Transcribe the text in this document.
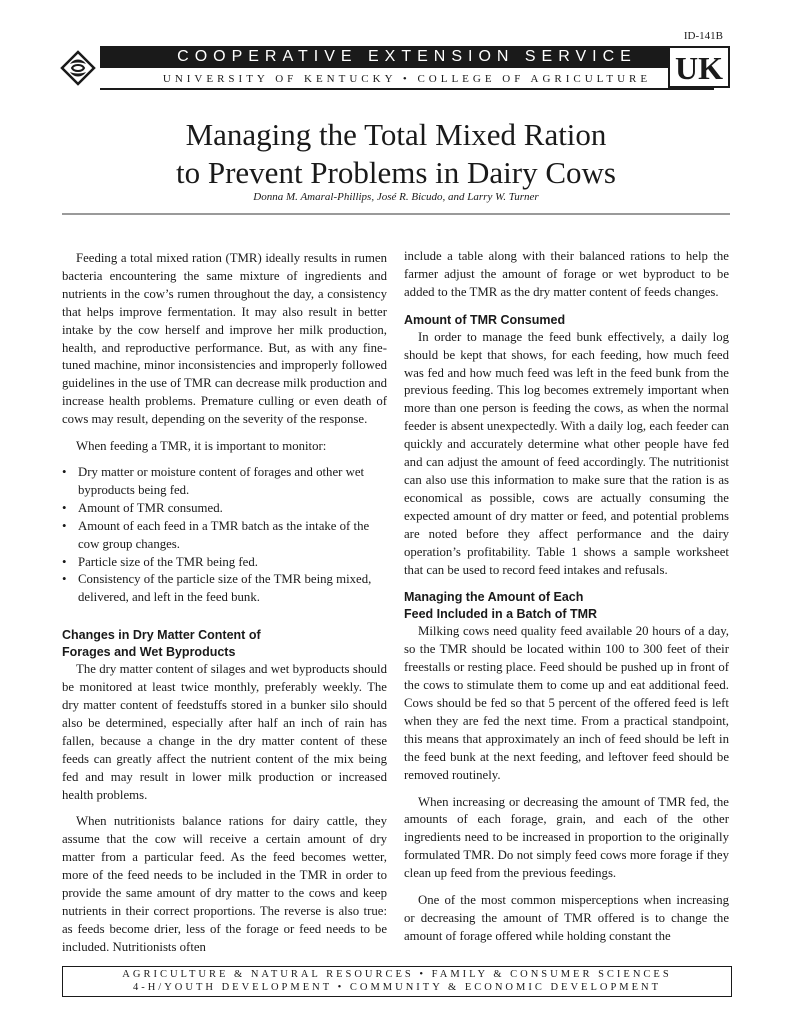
ID-141B
COOPERATIVE EXTENSION SERVICE
UNIVERSITY OF KENTUCKY • COLLEGE OF AGRICULTURE UK
Managing the Total Mixed Ration
to Prevent Problems in Dairy Cows
Donna M. Amaral-Phillips, José R. Bicudo, and Larry W. Turner

Feeding a total mixed ration (TMR) ideally results in rumen bacteria encountering the same mixture of ingredients and nutrients in the cow’s rumen throughout the day, a consistency that helps improve fermentation. It may also result in better intake by the cow herself and improve her milk production, health, and reproductive performance. But, as with any fine-tuned machine, minor inconsistencies and improperly followed guidelines in the use of TMR can decrease milk production and increase health problems. Premature culling or even death of cows may result, depending on the severity of the response.

When feeding a TMR, it is important to monitor:

• Dry matter or moisture content of forages and other wet byproducts being fed.
• Amount of TMR consumed.
• Amount of each feed in a TMR batch as the intake of the cow group changes.
• Particle size of the TMR being fed.
• Consistency of the particle size of the TMR being mixed, delivered, and left in the feed bunk.
Changes in Dry Matter Content of
Forages and Wet Byproducts

The dry matter content of silages and wet byproducts should be monitored at least twice monthly, preferably weekly. The dry matter content of feedstuffs stored in a bunker silo should also be determined, especially after half an inch of rain has fallen, because a change in the dry matter content of these feeds can greatly affect the nutrient content of the mix being fed and may result in lower milk production or increased health problems.

When nutritionists balance rations for dairy cattle, they assume that the cow will receive a certain amount of dry matter from a particular feed. As the feed becomes wetter, more of the feed needs to be included in the TMR in order to provide the same amount of dry matter to the cows and keep nutrients in their correct proportions. The reverse is also true: as feeds become drier, less of the forage or feed needs to be included. Nutritionists often

include a table along with their balanced rations to help the farmer adjust the amount of forage or wet byproduct to be added to the TMR as the dry matter content of feeds changes.

Amount of TMR Consumed

In order to manage the feed bunk effectively, a daily log should be kept that shows, for each feeding, how much feed was fed and how much feed was left in the feed bunk from the previous feeding. This log becomes extremely important when more than one person is feeding the cows, as when the normal feeder is absent unexpectedly. With a daily log, each feeder can quickly and accurately determine what other people have fed and can adjust the amount of feed accordingly. The nutritionist can also use this information to make sure that the ration is as economical as possible, cows are actually consuming the expected amount of dry matter or feed, and potential problems are noted before they affect performance and the dairy operation’s profitability. Table 1 shows a sample worksheet that can be used to record feed intakes and refusals.

Managing the Amount of Each
Feed Included in a Batch of TMR

Milking cows need quality feed available 20 hours of a day, so the TMR should be located within 100 to 300 feet of their freestalls or resting place. Feed should be pushed up in front of the cows to stimulate them to come up and eat additional feed. Cows should be fed so that 5 percent of the offered feed is left when they are fed the next time. From a practical standpoint, this means that approximately an inch of feed should be left in the feed bunk at the next feeding, and leftover feed should be removed routinely.

When increasing or decreasing the amount of TMR fed, the amounts of each forage, grain, and each of the other ingredients need to be increased in proportion to the originally formulated TMR. Do not simply feed cows more forage if they clean up feed from the previous feedings.

One of the most common misperceptions when increasing or decreasing the amount of TMR offered is to change the amount of forage offered while holding constant the

AGRICULTURE & NATURAL RESOURCES • FAMILY & CONSUMER SCIENCES
4-H/YOUTH DEVELOPMENT • COMMUNITY & ECONOMIC DEVELOPMENT
